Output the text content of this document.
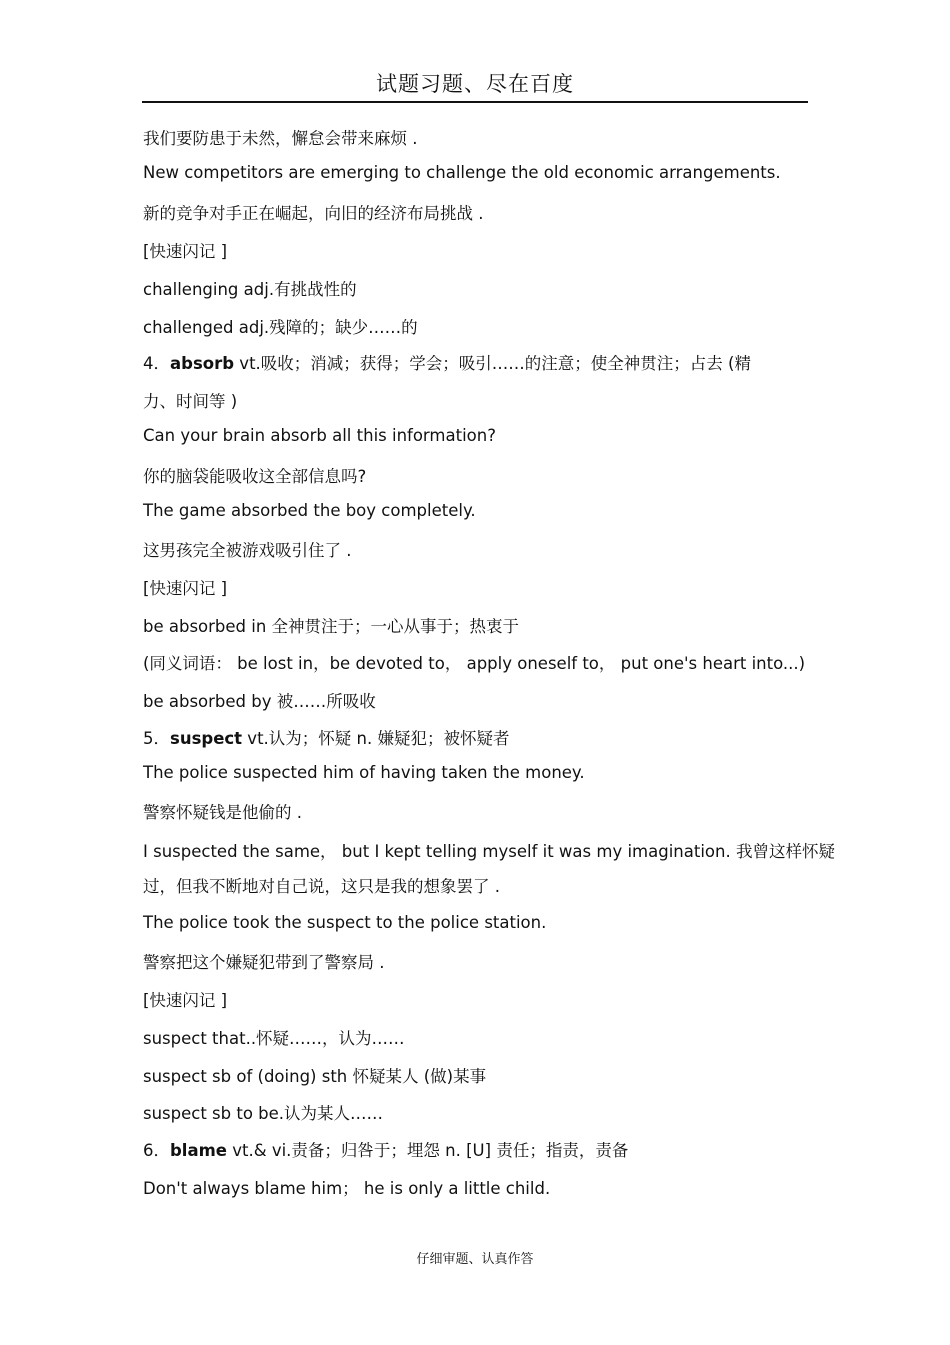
试题习题、尽在百度
我们要防患于未然，懈怠会带来麻烦 .
New competitors are emerging to challenge the old economic arrangements.
新的竞争对手正在崛起，向旧的经济布局挑战 .
[快速闪记 ]
challenging adj.有挑战性的
challenged adj.残障的；缺少……的
4．absorb vt.吸收；消减；获得；学会；吸引……的注意；使全神贯注；占去 (精
力、时间等 )
Can your brain absorb all this information?
你的脑袋能吸收这全部信息吗?
The game absorbed the boy completely.
这男孩完全被游戏吸引住了 .
[快速闪记 ]
be absorbed in 全神贯注于；一心从事于；热衷于
(同义词语： be lost in，be devoted to， apply oneself to， put one's heart into...)
be absorbed by 被……所吸收
5．suspect vt.认为；怀疑 n. 嫌疑犯；被怀疑者
The police suspected him of having taken the money.
警察怀疑钱是他偷的 .
I suspected the same， but I kept telling myself it was my imagination. 我曾这样怀疑
过，但我不断地对自己说，这只是我的想象罢了 .
The police took the suspect to the police station.
警察把这个嫌疑犯带到了警察局 .
[快速闪记 ]
suspect that..怀疑……，认为……
suspect sb of (doing) sth 怀疑某人 (做)某事
suspect sb to be.认为某人……
6．blame vt.& vi.责备；归咎于；埋怨 n. [U] 责任；指责，责备
Don't always blame him； he is only a little child.
仔细审题、认真作答
